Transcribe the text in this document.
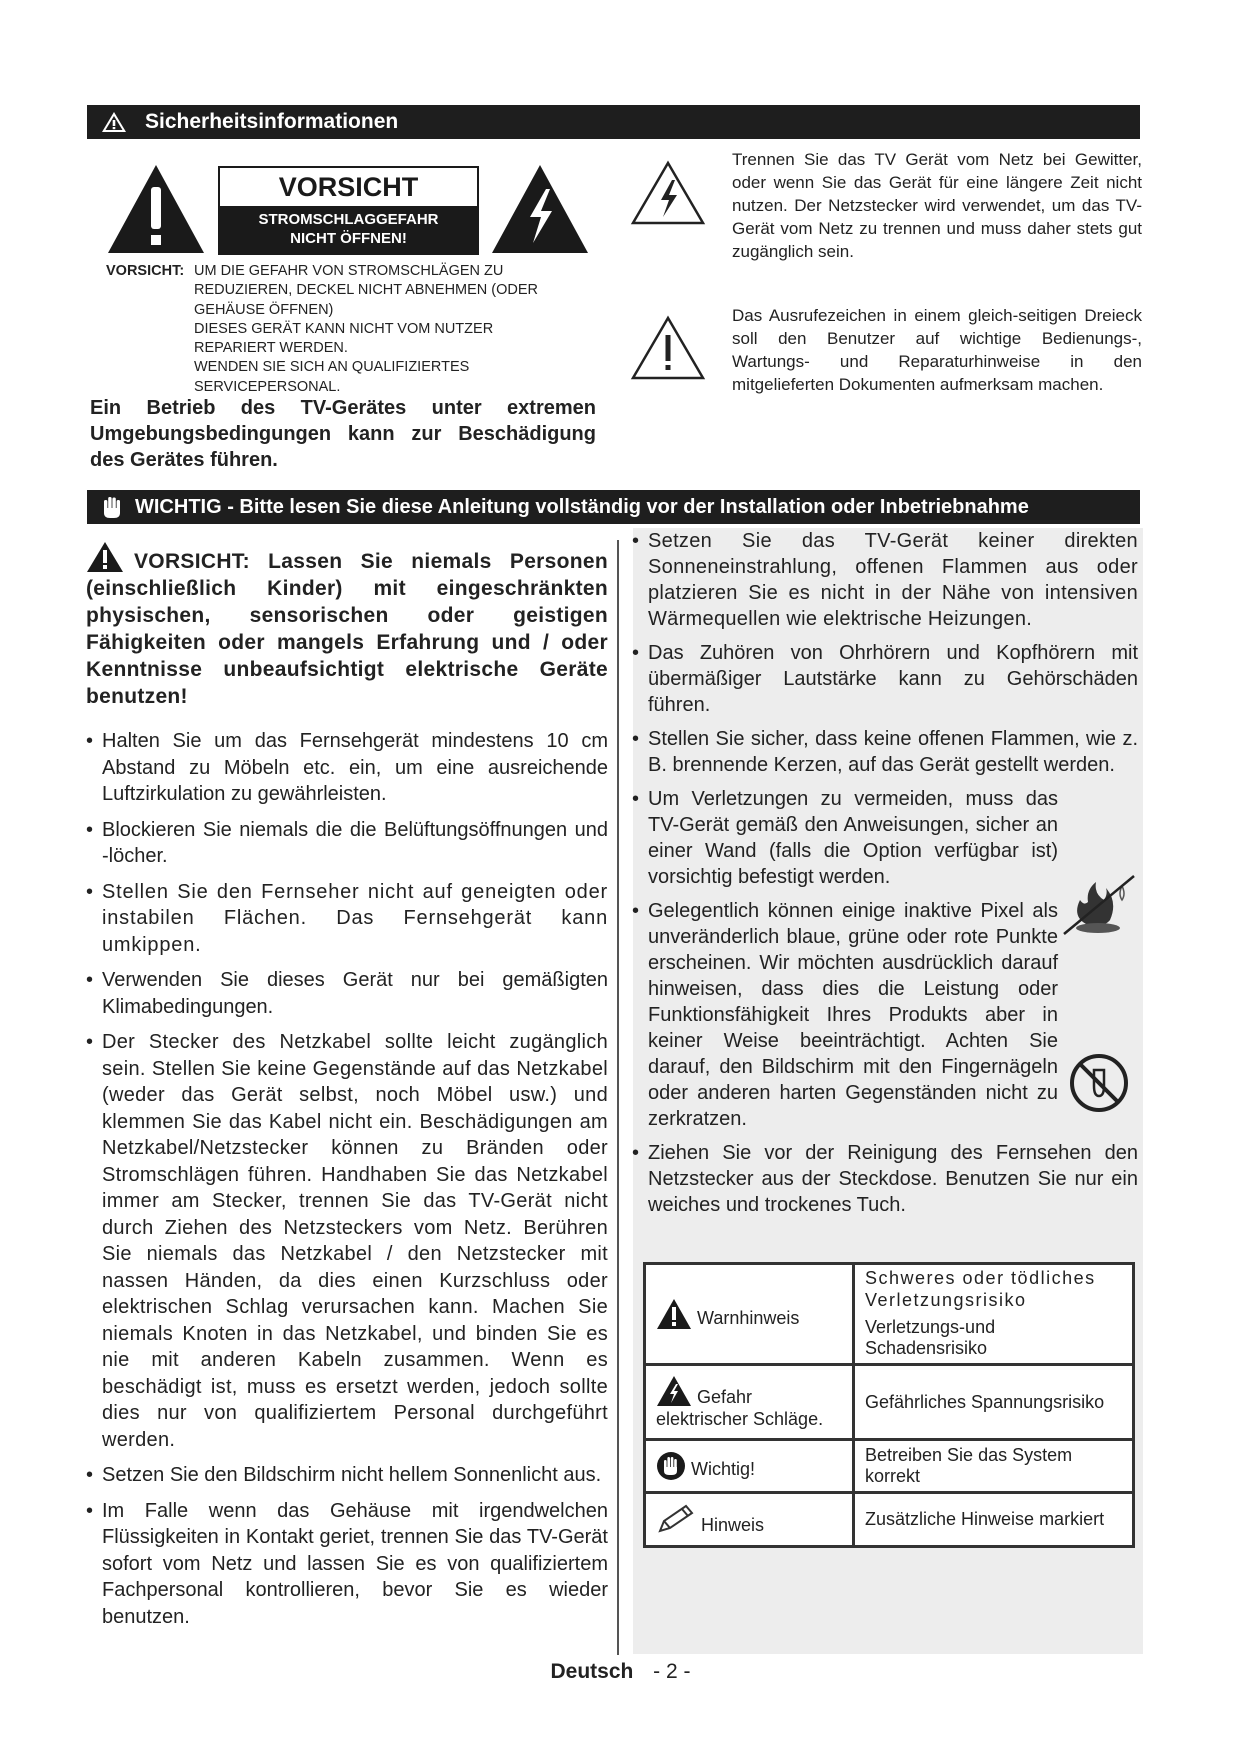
Sicherheitsinformationen
VORSICHT
STROMSCHLAGGEFAHR
NICHT ÖFFNEN!
VORSICHT: UM DIE GEFAHR VON STROMSCHLÄGEN ZU
REDUZIEREN, DECKEL NICHT ABNEHMEN (ODER
GEHÄUSE ÖFFNEN)
DIESES GERÄT KANN NICHT VOM NUTZER
REPARIERT WERDEN.
WENDEN SIE SICH AN QUALIFIZIERTES
SERVICEPERSONAL.
Ein Betrieb des TV-Gerätes unter extremen Umgebungsbedingungen kann zur Beschädigung des Gerätes führen.
Trennen Sie das TV Gerät vom Netz bei Gewitter, oder wenn Sie das Gerät für eine längere Zeit nicht nutzen. Der Netzstecker wird verwendet, um das TV-Gerät vom Netz zu trennen und muss daher stets gut zugänglich sein.
Das Ausrufezeichen in einem gleich-seitigen Dreieck soll den Benutzer auf wichtige Bedienungs-, Wartungs- und Reparaturhinweise in den mitgelieferten Dokumenten aufmerksam machen.
WICHTIG - Bitte lesen Sie diese Anleitung vollständig vor der Installation oder Inbetriebnahme
VORSICHT: Lassen Sie niemals Personen (einschließlich Kinder) mit eingeschränkten physischen, sensorischen oder geistigen Fähigkeiten oder mangels Erfahrung und / oder Kenntnisse unbeaufsichtigt elektrische Geräte benutzen!
• Halten Sie um das Fernsehgerät mindestens 10 cm Abstand zu Möbeln etc. ein, um eine ausreichende Luftzirkulation zu gewährleisten.
• Blockieren Sie niemals die die Belüftungsöffnungen und -löcher.
• Stellen Sie den Fernseher nicht auf geneigten oder instabilen Flächen. Das Fernsehgerät kann umkippen.
• Verwenden Sie dieses Gerät nur bei gemäßigten Klimabedingungen.
• Der Stecker des Netzkabel sollte leicht zugänglich sein. Stellen Sie keine Gegenstände auf das Netzkabel (weder das Gerät selbst, noch Möbel usw.) und klemmen Sie das Kabel nicht ein. Beschädigungen am Netzkabel/Netzstecker können zu Bränden oder Stromschlägen führen. Handhaben Sie das Netzkabel immer am Stecker, trennen Sie das TV-Gerät nicht durch Ziehen des Netzsteckers vom Netz. Berühren Sie niemals das Netzkabel / den Netzstecker mit nassen Händen, da dies einen Kurzschluss oder elektrischen Schlag verursachen kann. Machen Sie niemals Knoten in das Netzkabel, und binden Sie es nie mit anderen Kabeln zusammen. Wenn es beschädigt ist, muss es ersetzt werden, jedoch sollte dies nur von qualifiziertem Personal durchgeführt werden.
• Setzen Sie den Bildschirm nicht hellem Sonnenlicht aus.
• Im Falle wenn das Gehäuse mit irgendwelchen Flüssigkeiten in Kontakt geriet, trennen Sie das TV-Gerät sofort vom Netz und lassen Sie es von qualifiziertem Fachpersonal kontrollieren, bevor Sie es wieder benutzen.
• Setzen Sie das TV-Gerät keiner direkten Sonneneinstrahlung, offenen Flammen aus oder platzieren Sie es nicht in der Nähe von intensiven Wärmequellen wie elektrische Heizungen.
• Das Zuhören von Ohrhörern und Kopfhörern mit übermäßiger Lautstärke kann zu Gehörschäden führen.
• Stellen Sie sicher, dass keine offenen Flammen, wie z. B. brennende Kerzen, auf das Gerät gestellt werden.
• Um Verletzungen zu vermeiden, muss das TV-Gerät gemäß den Anweisungen, sicher an einer Wand (falls die Option verfügbar ist) vorsichtig befestigt werden.
• Gelegentlich können einige inaktive Pixel als unveränderlich blaue, grüne oder rote Punkte erscheinen. Wir möchten ausdrücklich darauf hinweisen, dass dies die Leistung oder Funktionsfähigkeit Ihres Produkts aber in keiner Weise beeinträchtigt. Achten Sie darauf, den Bildschirm mit den Fingernägeln oder anderen harten Gegenständen nicht zu zerkratzen.
• Ziehen Sie vor der Reinigung des Fernsehen den Netzstecker aus der Steckdose. Benutzen Sie nur ein weiches und trockenes Tuch.
Warnhinweis	Schweres oder tödliches Verletzungsrisiko
Verletzungs-und Schadensrisiko

Gefahr elektrischer Schläge.	Gefährliches Spannungsrisiko
Wichtig!	Betreiben Sie das System korrekt
Hinweis	Zusätzliche Hinweise markiert
Deutsch - 2 -
